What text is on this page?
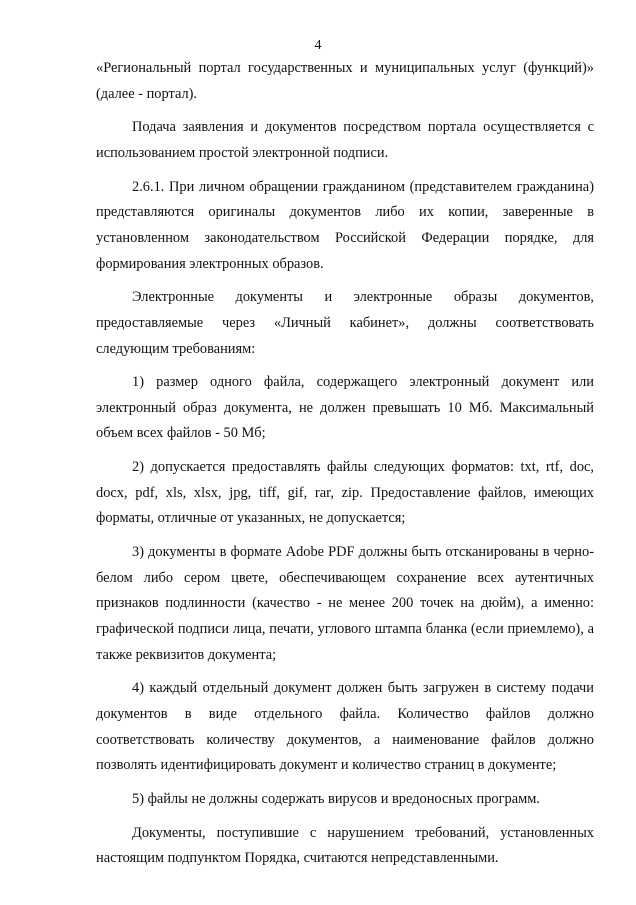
4

«Региональный портал государственных и муниципальных услуг (функций)» (далее - портал).

Подача заявления и документов посредством портала осуществляется с использованием простой электронной подписи.

2.6.1. При личном обращении гражданином (представителем гражданина) представляются оригиналы документов либо их копии, заверенные в установленном законодательством Российской Федерации порядке, для формирования электронных образов.

Электронные документы и электронные образы документов, предоставляемые через «Личный кабинет», должны соответствовать следующим требованиям:

1) размер одного файла, содержащего электронный документ или электронный образ документа, не должен превышать 10 Мб. Максимальный объем всех файлов - 50 Мб;

2) допускается предоставлять файлы следующих форматов: txt, rtf, doc, docx, pdf, xls, xlsx, jpg, tiff, gif, rar, zip. Предоставление файлов, имеющих форматы, отличные от указанных, не допускается;

3) документы в формате Adobe PDF должны быть отсканированы в черно-белом либо сером цвете, обеспечивающем сохранение всех аутентичных признаков подлинности (качество - не менее 200 точек на дюйм), а именно: графической подписи лица, печати, углового штампа бланка (если приемлемо), а также реквизитов документа;

4) каждый отдельный документ должен быть загружен в систему подачи документов в виде отдельного файла. Количество файлов должно соответствовать количеству документов, а наименование файлов должно позволять идентифицировать документ и количество страниц в документе;

5) файлы не должны содержать вирусов и вредоносных программ.

Документы, поступившие с нарушением требований, установленных настоящим подпунктом Порядка, считаются непредставленными.
